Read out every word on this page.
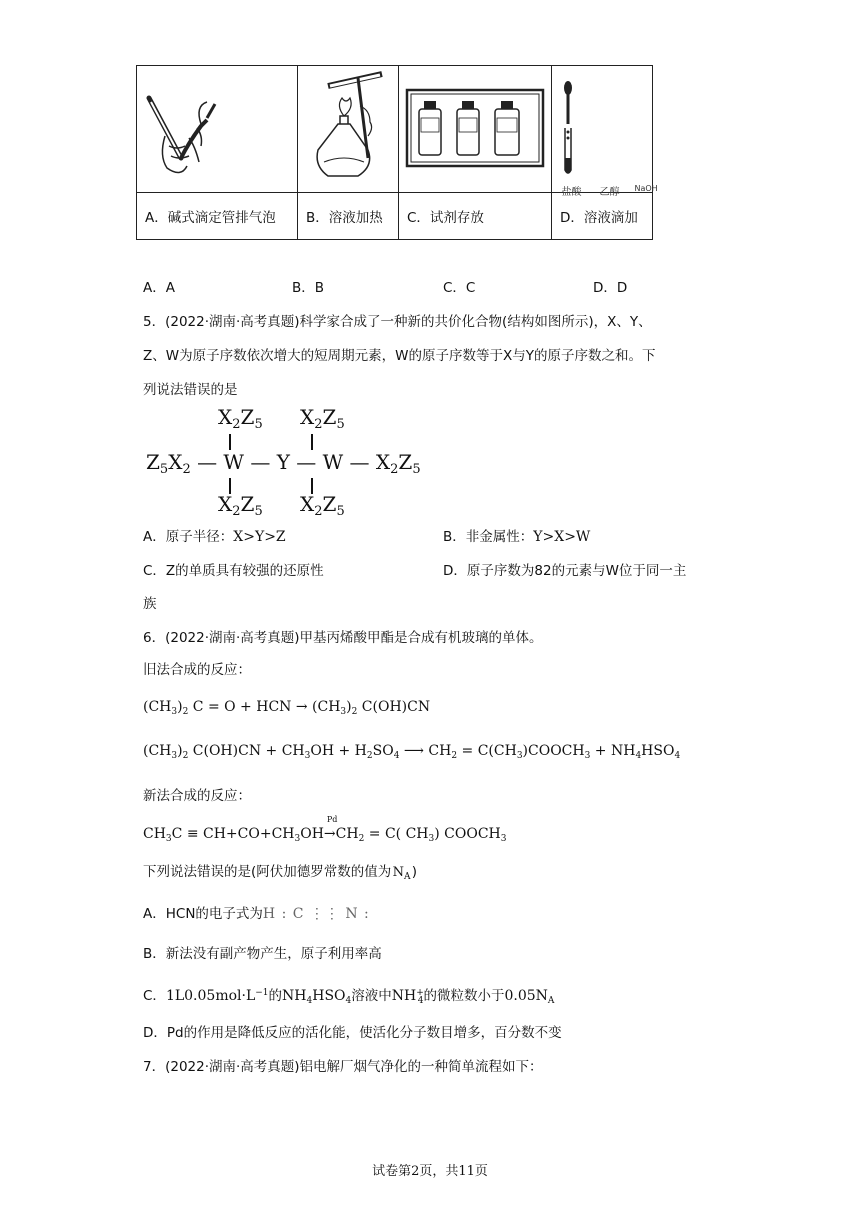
盐酸 乙醇 NaOH

A．碱式滴定管排气泡	B．溶液加热	C．试剂存放	D．溶液滴加
A．A	B．B	C．C	D．D
5．(2022·湖南·高考真题)科学家合成了一种新的共价化合物(结构如图所示)，X、Y、
Z、W为原子序数依次增大的短周期元素，W的原子序数等于X与Y的原子序数之和。下
列说法错误的是
$X_2Z_5$ $X_2Z_5$
$Z_5X_2$ — W — Y — W — $X_2Z_5$
$X_2Z_5$ $X_2Z_5$
A．原子半径：X>Y>Z	B．非金属性：Y>X>W
C．Z的单质具有较强的还原性	D．原子序数为82的元素与W位于同一主
族
6．(2022·湖南·高考真题)甲基丙烯酸甲酯是合成有机玻璃的单体。
旧法合成的反应：
$(CH_3)_2$ C = O + HCN → $(CH_3)_2$ C(OH)CN
$(CH_3)_2$ $C(OH)CN + CH_3OH + H_2SO_4$ ⟶ $CH_2$ = $C(CH_3)COOCH_3 + NH_4HSO_4$
新法合成的反应：
$CH_3C \equiv CH+CO+CH_3OH$
Pd
$\to CH_2 = C$( $CH_3$) $COOCH_3$
下列说法错误的是(阿伏加德罗常数的值为 $N_A$ )
A．HCN的电子式为H : C ⋮⋮ N :
B．新法没有副产物产生，原子利用率高
C．$1L0.05mol\cdot L^{-1}$的$NH_4HSO_4$溶液中$NH^+_4$的微粒数小于$0.05N_A$
D．Pd的作用是降低反应的活化能，使活化分子数目增多，百分数不变
7．(2022·湖南·高考真题)铝电解厂烟气净化的一种简单流程如下：
试卷第2页，共11页
